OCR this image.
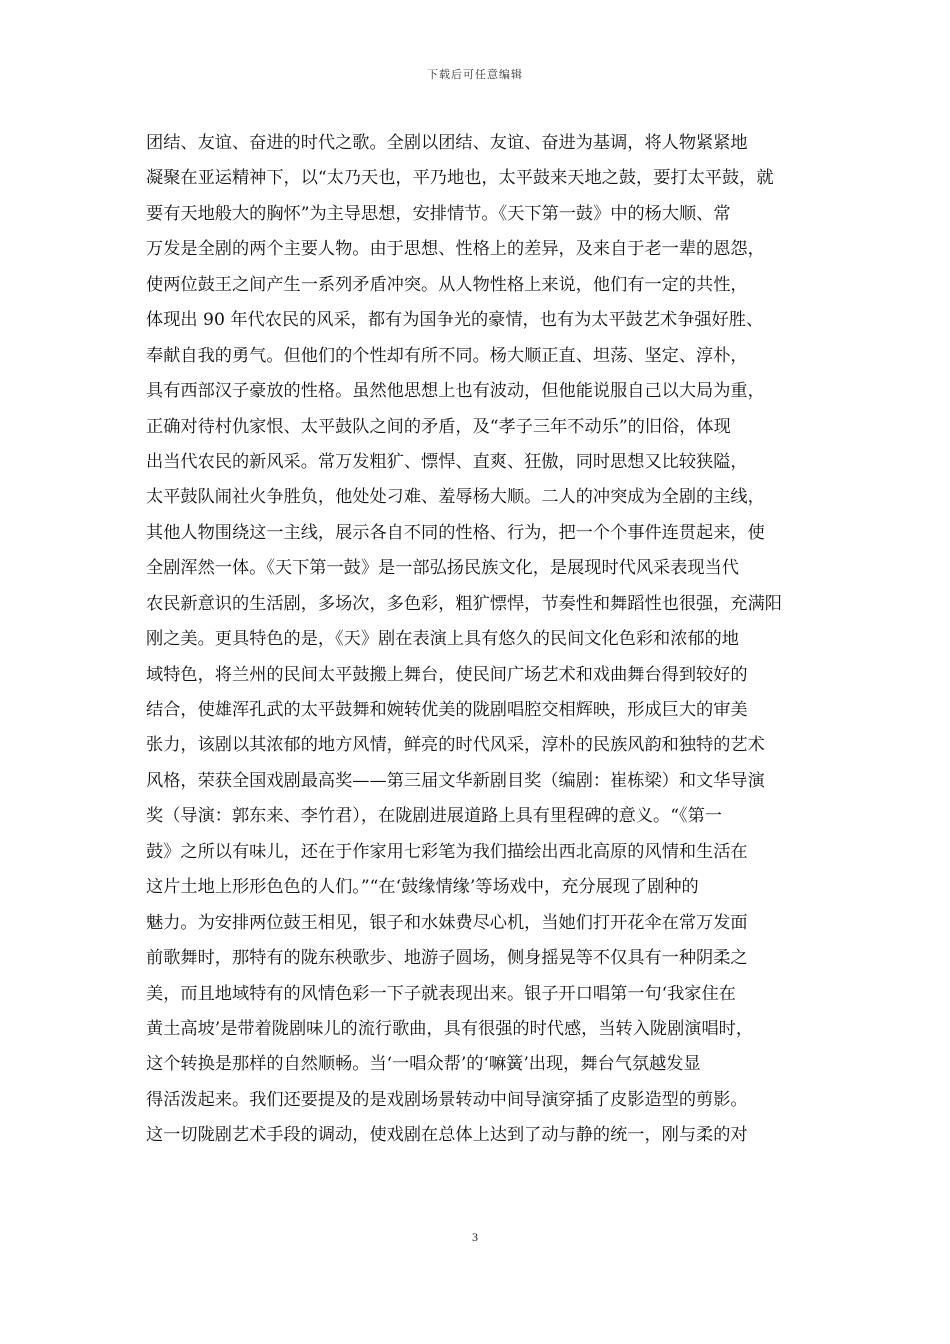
下载后可任意编辑
团结、友谊、奋进的时代之歌。全剧以团结、友谊、奋进为基调，将人物紧紧地
凝聚在亚运精神下，以“太乃天也，平乃地也，太平鼓来天地之鼓，要打太平鼓，就
要有天地般大的胸怀”为主导思想，安排情节。《天下第一鼓》中的杨大顺、常
万发是全剧的两个主要人物。由于思想、性格上的差异，及来自于老一辈的恩怨，
使两位鼓王之间产生一系列矛盾冲突。从人物性格上来说，他们有一定的共性，
体现出 90 年代农民的风采，都有为国争光的豪情，也有为太平鼓艺术争强好胜、
奉献自我的勇气。但他们的个性却有所不同。杨大顺正直、坦荡、坚定、淳朴，
具有西部汉子豪放的性格。虽然他思想上也有波动，但他能说服自己以大局为重，
正确对待村仇家恨、太平鼓队之间的矛盾，及“孝子三年不动乐”的旧俗，体现
出当代农民的新风采。常万发粗犷、慓悍、直爽、狂傲，同时思想又比较狭隘，
太平鼓队闹社火争胜负，他处处刁难、羞辱杨大顺。二人的冲突成为全剧的主线，
其他人物围绕这一主线，展示各自不同的性格、行为，把一个个事件连贯起来，使
全剧浑然一体。《天下第一鼓》是一部弘扬民族文化，是展现时代风采表现当代
农民新意识的生活剧，多场次，多色彩，粗犷慓悍，节奏性和舞蹈性也很强，充满阳
刚之美。更具特色的是，《天》剧在表演上具有悠久的民间文化色彩和浓郁的地
域特色，将兰州的民间太平鼓搬上舞台，使民间广场艺术和戏曲舞台得到较好的
结合，使雄浑孔武的太平鼓舞和婉转优美的陇剧唱腔交相辉映，形成巨大的审美
张力，该剧以其浓郁的地方风情，鲜亮的时代风采，淳朴的民族风韵和独特的艺术
风格，荣获全国戏剧最高奖——第三届文华新剧目奖（编剧：崔栋梁）和文华导演
奖（导演：郭东来、李竹君），在陇剧进展道路上具有里程碑的意义。“《第一
鼓》之所以有味儿，还在于作家用七彩笔为我们描绘出西北高原的风情和生活在
这片土地上形形色色的人们。”“在‘鼓缘情缘’等场戏中，充分展现了剧种的
魅力。为安排两位鼓王相见，银子和水妹费尽心机，当她们打开花伞在常万发面
前歌舞时，那特有的陇东秧歌步、地游子圆场，侧身摇晃等不仅具有一种阴柔之
美，而且地域特有的风情色彩一下子就表现出来。银子开口唱第一句‘我家住在
黄土高坡’是带着陇剧味儿的流行歌曲，具有很强的时代感，当转入陇剧演唱时，
这个转换是那样的自然顺畅。当‘一唱众帮’的‘嘛簧’出现，舞台气氛越发显
得活泼起来。我们还要提及的是戏剧场景转动中间导演穿插了皮影造型的剪影。
这一切陇剧艺术手段的调动，使戏剧在总体上达到了动与静的统一，刚与柔的对
3
